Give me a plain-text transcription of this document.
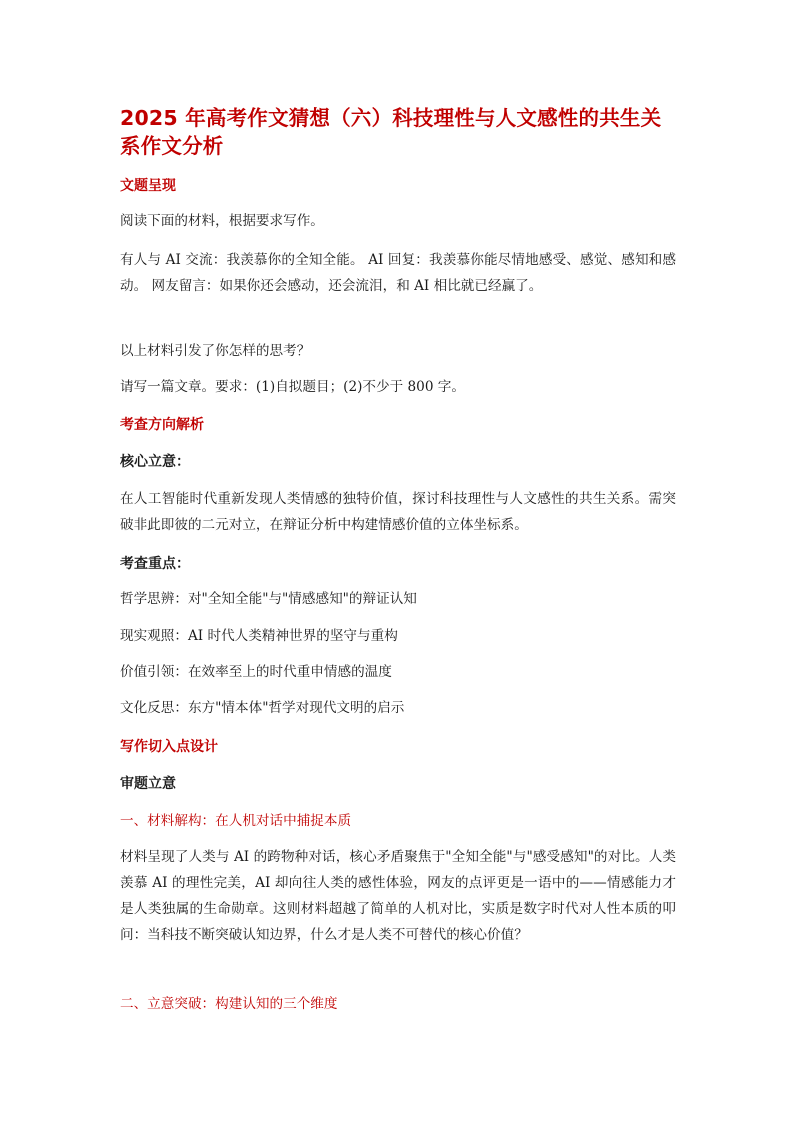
2025 年高考作文猜想（六）科技理性与人文感性的共生关系作文分析
文题呈现

阅读下面的材料，根据要求写作。

有人与 AI 交流：我羡慕你的全知全能。 AI 回复：我羡慕你能尽情地感受、感觉、感知和感动。 网友留言：如果你还会感动，还会流泪，和 AI 相比就已经赢了。

以上材料引发了你怎样的思考？

请写一篇文章。要求：(1)自拟题目；(2)不少于 800 字。

考查方向解析
核心立意：

在人工智能时代重新发现人类情感的独特价值，探讨科技理性与人文感性的共生关系。需突破非此即彼的二元对立，在辩证分析中构建情感价值的立体坐标系。

考查重点：

哲学思辨：对"全知全能"与"情感感知"的辩证认知

现实观照：AI 时代人类精神世界的坚守与重构

价值引领：在效率至上的时代重申情感的温度

文化反思：东方"情本体"哲学对现代文明的启示

写作切入点设计
审题立意

一、材料解构：在人机对话中捕捉本质

材料呈现了人类与 AI 的跨物种对话，核心矛盾聚焦于"全知全能"与"感受感知"的对比。人类羡慕 AI 的理性完美，AI 却向往人类的感性体验，网友的点评更是一语中的——情感能力才是人类独属的生命勋章。这则材料超越了简单的人机对比，实质是数字时代对人性本质的叩问：当科技不断突破认知边界，什么才是人类不可替代的核心价值？

二、立意突破：构建认知的三个维度
